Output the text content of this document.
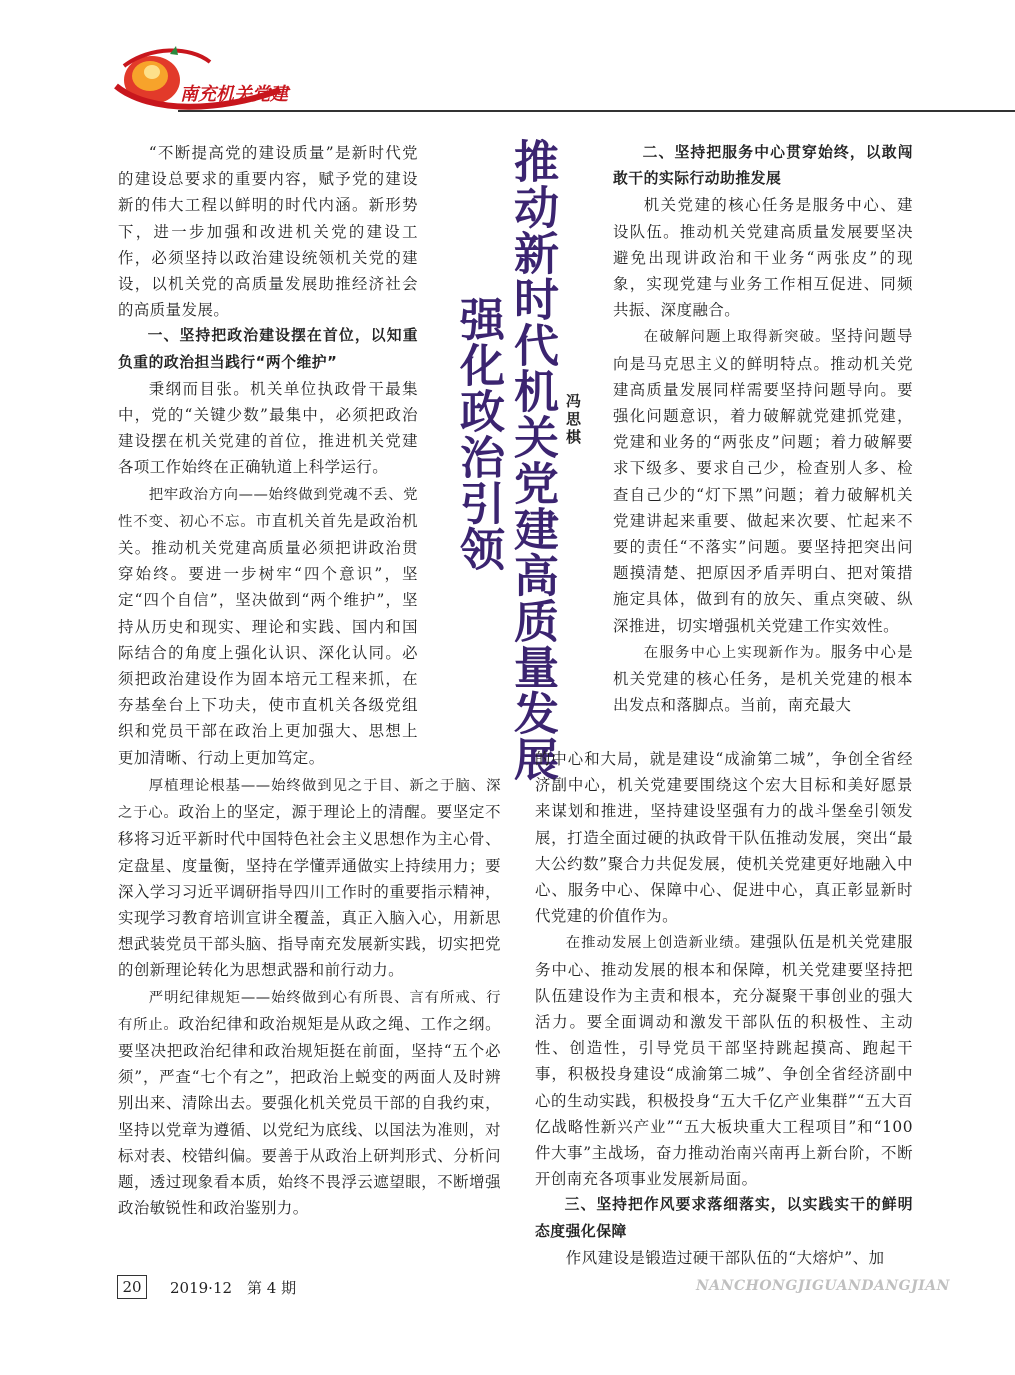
南充机关党建

“不断提高党的建设质量”是新时代党的建设总要求的重要内容，赋予党的建设新的伟大工程以鲜明的时代内涵。新形势下，进一步加强和改进机关党的建设工作，必须坚持以政治建设统领机关党的建设，以机关党的高质量发展助推经济社会的高质量发展。

一、坚持把政治建设摆在首位，以知重负重的政治担当践行“两个维护”

秉纲而目张。机关单位执政骨干最集中，党的“关键少数”最集中，必须把政治建设摆在机关党建的首位，推进机关党建各项工作始终在正确轨道上科学运行。

把牢政治方向——始终做到党魂不丢、党性不变、初心不忘。市直机关首先是政治机关。推动机关党建高质量必须把讲政治贯穿始终。要进一步树牢“四个意识”，坚定“四个自信”，坚决做到“两个维护”，坚持从历史和现实、理论和实践、国内和国际结合的角度上强化认识、深化认同。必须把政治建设作为固本培元工程来抓，在夯基垒台上下功夫，使市直机关各级党组织和党员干部在政治上更加强大、思想上更加清晰、行动上更加笃定。

厚植理论根基——始终做到见之于目、新之于脑、深之于心。政治上的坚定，源于理论上的清醒。要坚定不移将习近平新时代中国特色社会主义思想作为主心骨、定盘星、度量衡，坚持在学懂弄通做实上持续用力；要深入学习习近平调研指导四川工作时的重要指示精神，实现学习教育培训宣讲全覆盖，真正入脑入心，用新思想武装党员干部头脑、指导南充发展新实践，切实把党的创新理论转化为思想武器和前行动力。

严明纪律规矩——始终做到心有所畏、言有所戒、行有所止。政治纪律和政治规矩是从政之绳、工作之纲。要坚决把政治纪律和政治规矩挺在前面，坚持“五个必须”，严查“七个有之”，把政治上蜕变的两面人及时辨别出来、清除出去。要强化机关党员干部的自我约束，坚持以党章为遵循、以党纪为底线、以国法为准则，对标对表、校错纠偏。要善于从政治上研判形式、分析问题，透过现象看本质，始终不畏浮云遮望眼，不断增强政治敏锐性和政治鉴别力。

推动新时代机关党建高质量发展
强化政治引领	冯思棋

二、坚持把服务中心贯穿始终，以敢闯敢干的实际行动助推发展

机关党建的核心任务是服务中心、建设队伍。推动机关党建高质量发展要坚决避免出现讲政治和干业务“两张皮”的现象，实现党建与业务工作相互促进、同频共振、深度融合。

在破解问题上取得新突破。坚持问题导向是马克思主义的鲜明特点。推动机关党建高质量发展同样需要坚持问题导向。要强化问题意识，着力破解就党建抓党建，党建和业务的“两张皮”问题；着力破解要求下级多、要求自己少，检查别人多、检查自己少的“灯下黑”问题；着力破解机关党建讲起来重要、做起来次要、忙起来不要的责任“不落实”问题。要坚持把突出问题摸清楚、把原因矛盾弄明白、把对策措施定具体，做到有的放矢、重点突破、纵深推进，切实增强机关党建工作实效性。

在服务中心上实现新作为。服务中心是机关党建的核心任务，是机关党建的根本出发点和落脚点。当前，南充最大

的中心和大局，就是建设“成渝第二城”，争创全省经济副中心，机关党建要围绕这个宏大目标和美好愿景来谋划和推进，坚持建设坚强有力的战斗堡垒引领发展，打造全面过硬的执政骨干队伍推动发展，突出“最大公约数”聚合力共促发展，使机关党建更好地融入中心、服务中心、保障中心、促进中心，真正彰显新时代党建的价值作为。

在推动发展上创造新业绩。建强队伍是机关党建服务中心、推动发展的根本和保障，机关党建要坚持把队伍建设作为主责和根本，充分凝聚干事创业的强大活力。要全面调动和激发干部队伍的积极性、主动性、创造性，引导党员干部坚持跳起摸高、跑起干事，积极投身建设“成渝第二城”、争创全省经济副中心的生动实践，积极投身“五大千亿产业集群”“五大百亿战略性新兴产业”“五大板块重大工程项目”和“100 件大事”主战场，奋力推动治南兴南再上新台阶，不断开创南充各项事业发展新局面。

三、坚持把作风要求落细落实，以实践实干的鲜明态度强化保障

作风建设是锻造过硬干部队伍的“大熔炉”、加

20	2019·12　第 4 期	NANCHONGJIGUANDANGJIAN
